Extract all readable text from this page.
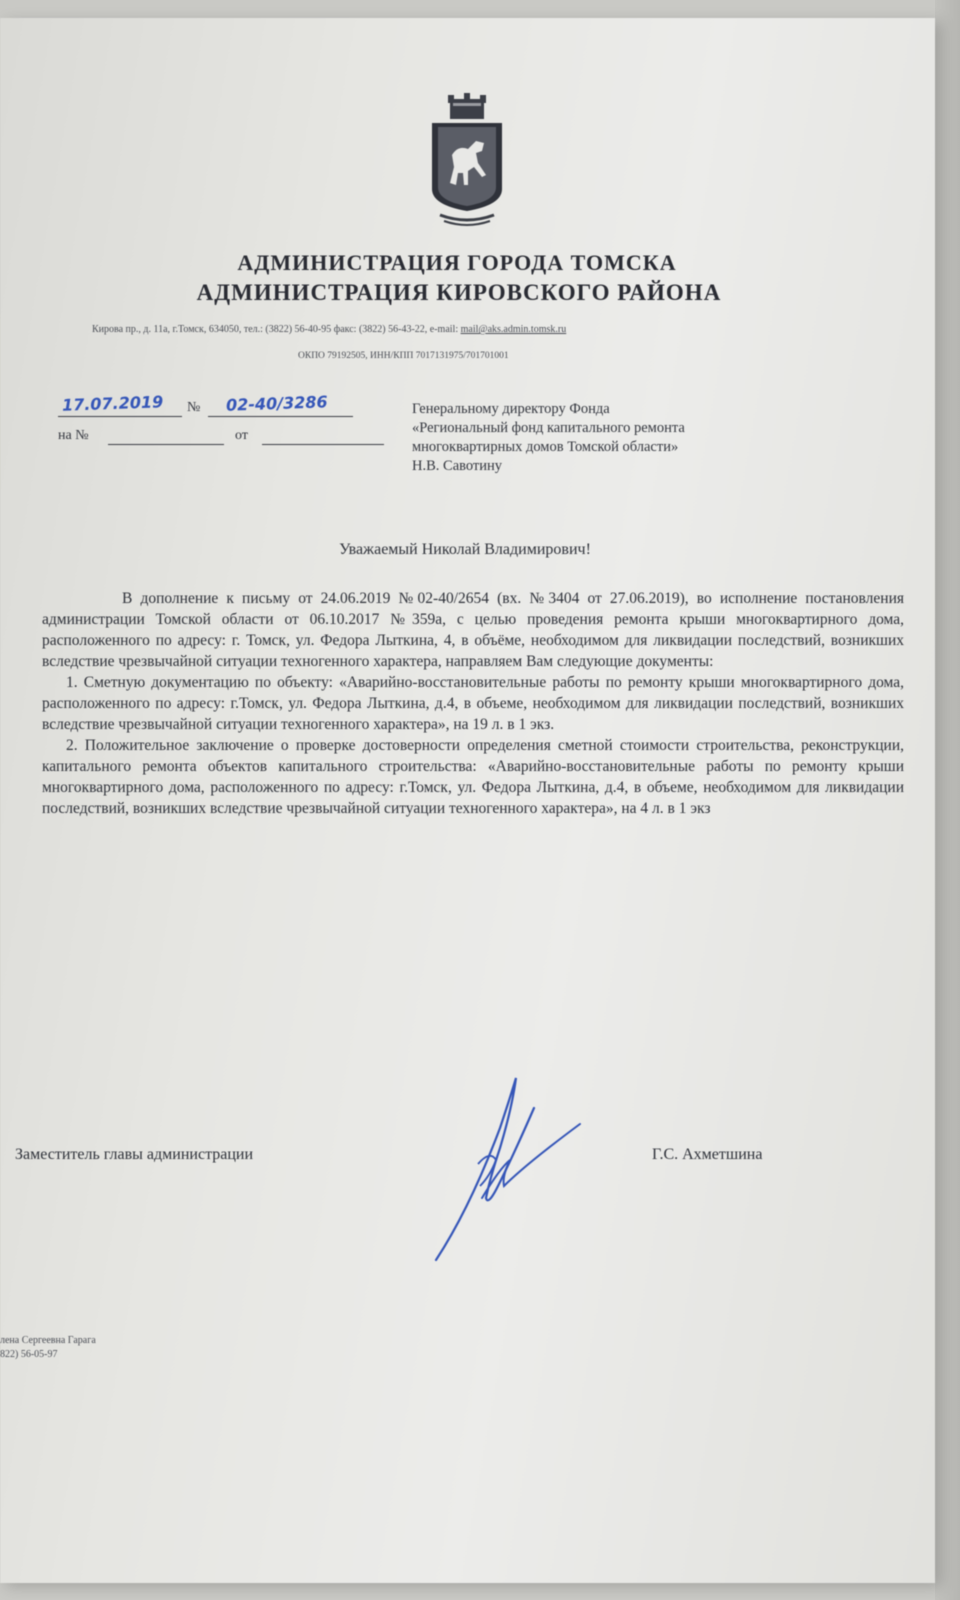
АДМИНИСТРАЦИЯ ГОРОДА ТОМСКА
АДМИНИСТРАЦИЯ КИРОВСКОГО РАЙОНА
Кирова пр., д. 11а, г.Томск, 634050, тел.: (3822) 56-40-95 факс: (3822) 56-43-22, e-mail: mail@aks.admin.tomsk.ru
ОКПО 79192505, ИНН/КПП 7017131975/701701001
17.07.2019 № 02-40/3286
на №	от
Генеральному директору Фонда
«Региональный фонд капитального ремонта
многоквартирных домов Томской области»
Н.В. Савотину
Уважаемый Николай Владимирович!

В дополнение к письму от 24.06.2019 №02-40/2654 (вх. №3404 от 27.06.2019), во исполнение постановления администрации Томской области от 06.10.2017 №359а, с целью проведения ремонта крыши многоквартирного дома, расположенного по адресу: г. Томск, ул. Федора Лыткина, 4, в объёме, необходимом для ликвидации последствий, возникших вследствие чрезвычайной ситуации техногенного характера, направляем Вам следующие документы:

1. Сметную документацию по объекту: «Аварийно-восстановительные работы по ремонту крыши многоквартирного дома, расположенного по адресу: г.Томск, ул. Федора Лыткина, д.4, в объеме, необходимом для ликвидации последствий, возникших вследствие чрезвычайной ситуации техногенного характера», на 19 л. в 1 экз.

2. Положительное заключение о проверке достоверности определения сметной стоимости строительства, реконструкции, капитального ремонта объектов капитального строительства: «Аварийно-восстановительные работы по ремонту крыши многоквартирного дома, расположенного по адресу: г.Томск, ул. Федора Лыткина, д.4, в объеме, необходимом для ликвидации последствий, возникших вследствие чрезвычайной ситуации техногенного характера», на 4 л. в 1 экз

Заместитель главы администрации	Г.С. Ахметшина
лена Сергеевна Гарага
822) 56-05-97
